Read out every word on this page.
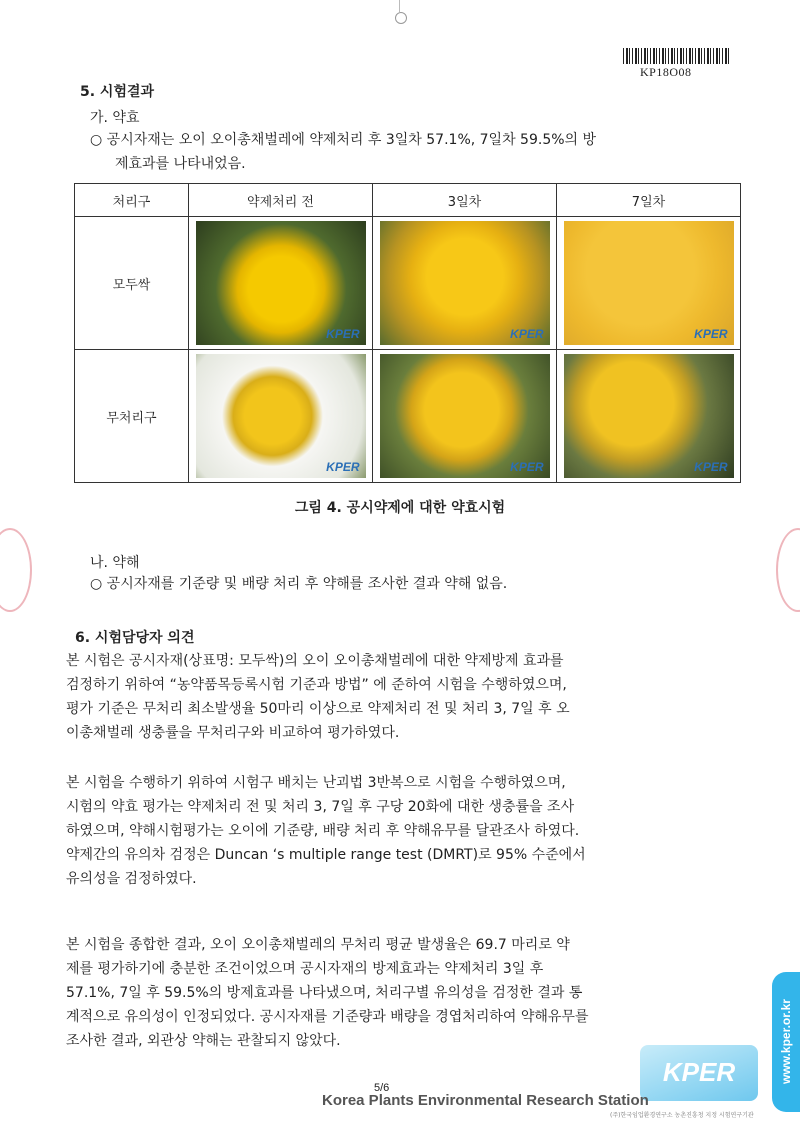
KP18O08
5. 시험결과
가. 약효
○ 공시자재는 오이 오이총채벌레에 약제처리 후 3일차 57.1%, 7일차 59.5%의 방
제효과를 나타내었음.
처리구	약제처리 전	3일차	7일차
모두싹	KPER	KPER	KPER

무처리구	KPER	KPER	KPER
그림 4. 공시약제에 대한 약효시험
나. 약해
○ 공시자재를 기준량 및 배량 처리 후 약해를 조사한 결과 약해 없음.
6. 시험담당자 의견
본 시험은 공시자재(상표명: 모두싹)의 오이 오이총채벌레에 대한 약제방제 효과를
검정하기 위하여 “농약품목등록시험 기준과 방법” 에 준하여 시험을 수행하였으며,
평가 기준은 무처리 최소발생율 50마리 이상으로 약제처리 전 및 처리 3, 7일 후 오
이총채벌레 생충률을 무처리구와 비교하여 평가하였다.
본 시험을 수행하기 위하여 시험구 배치는 난괴법 3반복으로 시험을 수행하였으며,
시험의 약효 평가는 약제처리 전 및 처리 3, 7일 후 구당 20화에 대한 생충률을 조사
하였으며, 약해시험평가는 오이에 기준량, 배량 처리 후 약해유무를 달관조사 하였다.
약제간의 유의차 검정은 Duncan ‘s multiple range test (DMRT)로 95% 수준에서
유의성을 검정하였다.
본 시험을 종합한 결과, 오이 오이총채벌레의 무처리 평균 발생율은 69.7 마리로 약
제를 평가하기에 충분한 조건이었으며 공시자재의 방제효과는 약제처리 3일 후
57.1%, 7일 후 59.5%의 방제효과를 나타냈으며, 처리구별 유의성을 검정한 결과 통
계적으로 유의성이 인정되었다. 공시자재를 기준량과 배량을 경엽처리하여 약해유무를
조사한 결과, 외관상 약해는 관찰되지 않았다.	www.kper.or.kr
KPER
5/6
Korea Plants Environmental Research Station
(주)한국임업환경연구소 농촌진흥청 지정 시험연구기관
